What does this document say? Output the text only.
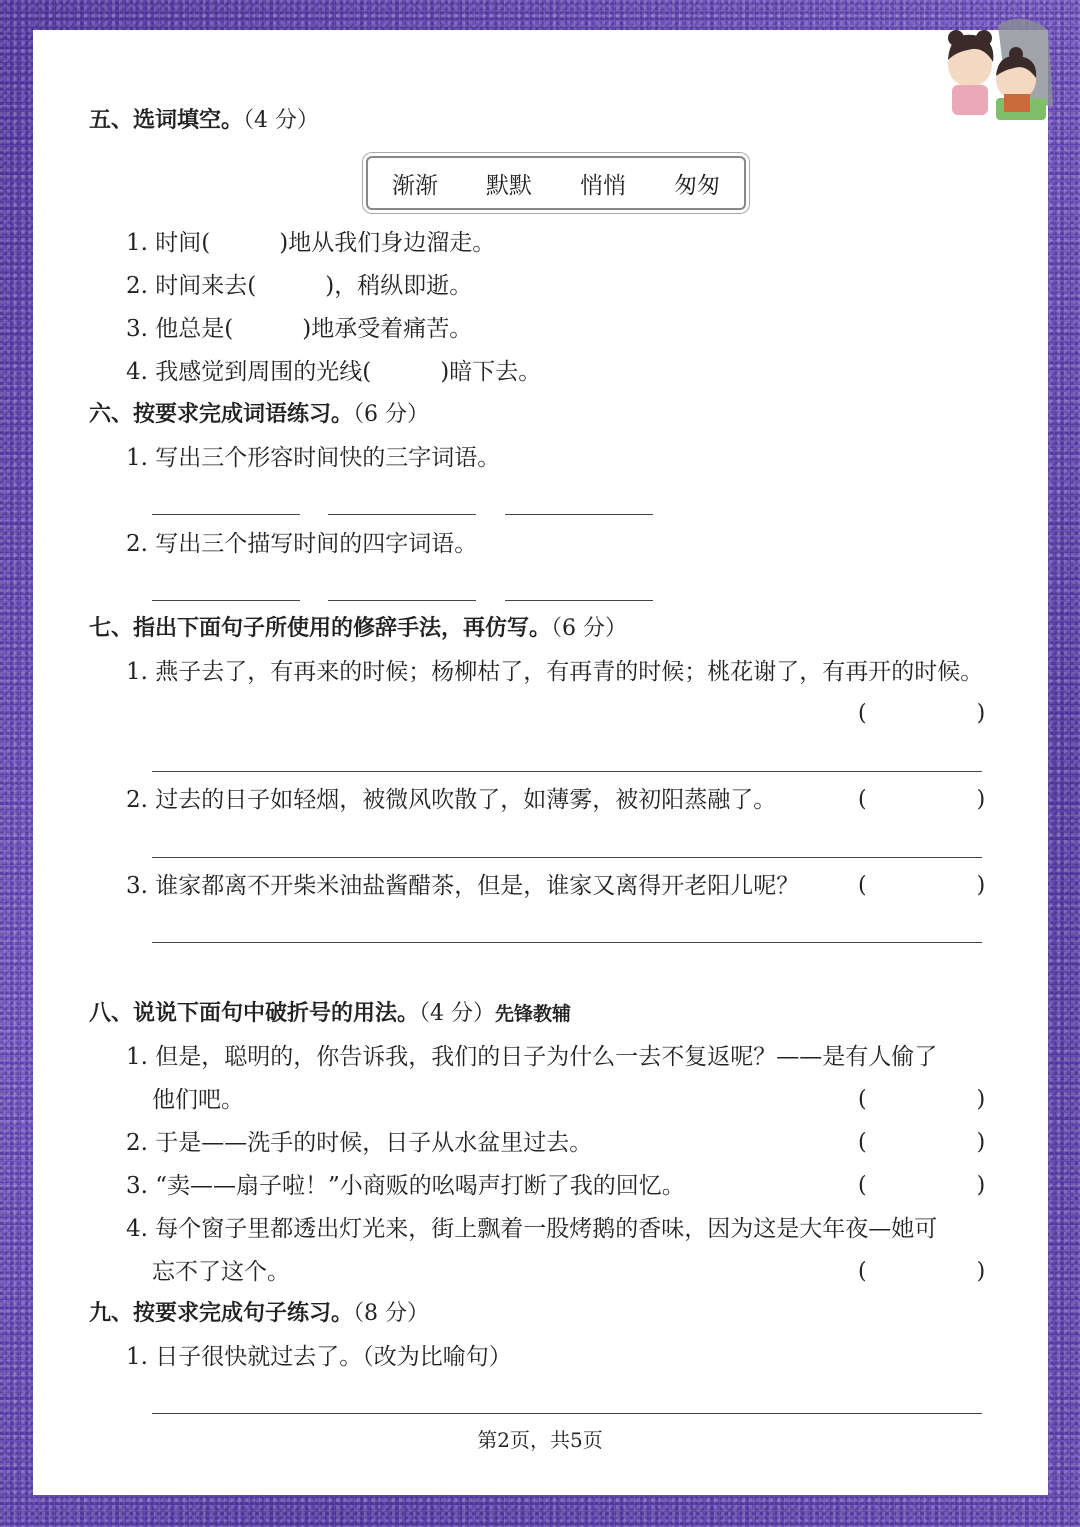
五、选词填空。（4 分）
渐渐 默默 悄悄 匆匆
1. 时间(　　　)地从我们身边溜走。
2. 时间来去(　　　)，稍纵即逝。
3. 他总是(　　　)地承受着痛苦。
4. 我感觉到周围的光线(　　　)暗下去。
六、按要求完成词语练习。（6 分）
1. 写出三个形容时间快的三字词语。
2. 写出三个描写时间的四字词语。
七、指出下面句子所使用的修辞手法，再仿写。（6 分）
1. 燕子去了，有再来的时候；杨柳枯了，有再青的时候；桃花谢了，有再开的时候。
(　　　　　)
2. 过去的日子如轻烟，被微风吹散了，如薄雾，被初阳蒸融了。	(　　　　　)
3. 谁家都离不开柴米油盐酱醋茶，但是，谁家又离得开老阳儿呢？	(　　　　　)
八、说说下面句中破折号的用法。（4 分）先锋教辅
1. 但是，聪明的，你告诉我，我们的日子为什么一去不复返呢？——是有人偷了
他们吧。	(　　　　　)
2. 于是——洗手的时候，日子从水盆里过去。	(　　　　　)
3. “卖——扇子啦！”小商贩的吆喝声打断了我的回忆。	(　　　　　)
4. 每个窗子里都透出灯光来，街上飘着一股烤鹅的香味，因为这是大年夜—她可
忘不了这个。	(　　　　　)
九、按要求完成句子练习。（8 分）
1. 日子很快就过去了。（改为比喻句）
第2页，共5页
